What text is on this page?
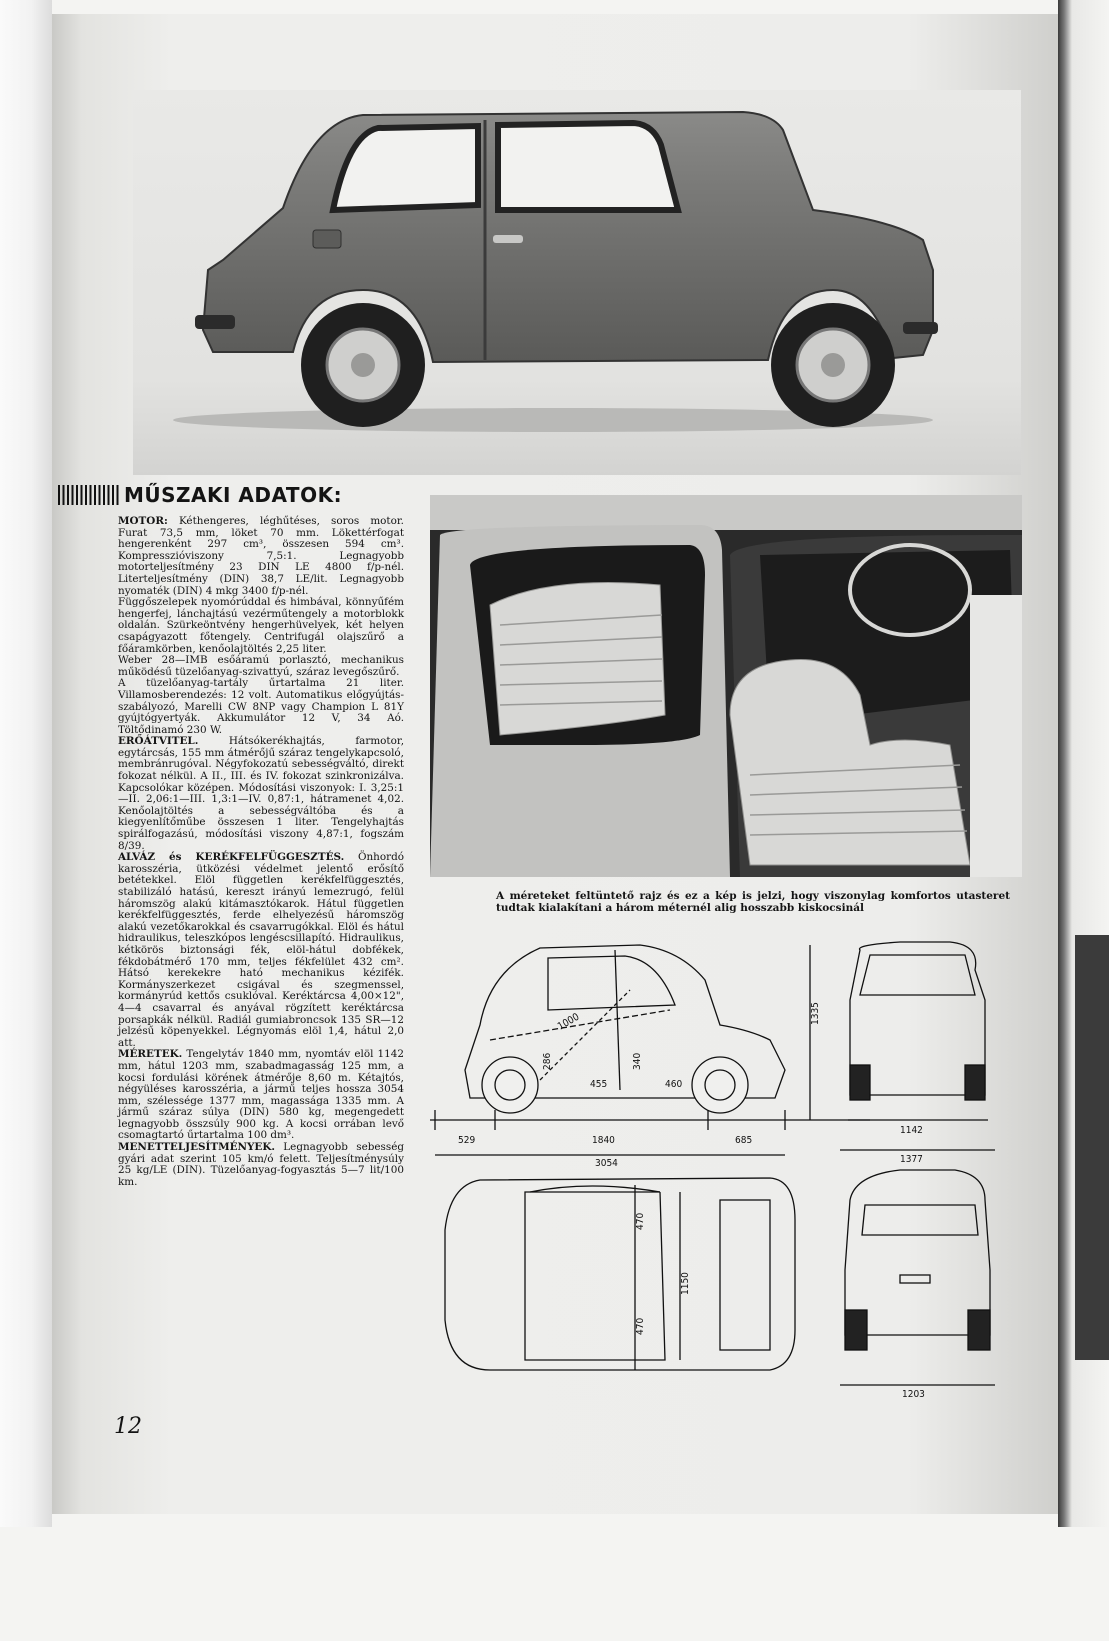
MŰSZAKI ADATOK:

MOTOR: Kéthengeres, léghűtéses, soros motor. Furat 73,5 mm, löket 70 mm. Lökettérfogat hengerenként 297 cm³, összesen 594 cm³. Kompresszióviszony 7,5:1. Legnagyobb motorteljesítmény 23 DIN LE 4800 f/p-nél. Literteljesítmény (DIN) 38,7 LE/lit. Legnagyobb nyomaték (DIN) 4 mkg 3400 f/p-nél.

Függőszelepek nyomórúddal és himbával, könnyűfém hengerfej, lánchajtású vezérműtengely a motorblokk oldalán. Szürkeöntvény hengerhüvelyek, két helyen csapágyazott főtengely. Centrifugál olajszűrő a főáramkörben, kenőolajtöltés 2,25 liter.

Weber 28—IMB esőáramú porlasztó, mechanikus működésű tüzelőanyag-szivattyú, száraz levegőszűrő.

A tüzelőanyag-tartály űrtartalma 21 liter. Villamosberendezés: 12 volt. Automatikus előgyújtás-szabályozó, Marelli CW 8NP vagy Champion L 81Y gyújtógyertyák. Akkumulátor 12 V, 34 Aó. Töltődinamó 230 W.

ERŐÁTVITEL. Hátsókerékhajtás, farmotor, egytárcsás, 155 mm átmérőjű száraz tengelykapcsoló, membránrugóval. Négyfokozatú sebességváltó, direkt fokozat nélkül. A II., III. és IV. fokozat szinkronizálva. Kapcsolókar középen. Módosítási viszonyok: I. 3,25:1—II. 2,06:1—III. 1,3:1—IV. 0,87:1, hátramenet 4,02. Kenőolajtöltés a sebességváltóba és a kiegyenlítőműbe összesen 1 liter. Tengelyhajtás spirálfogazású, módosítási viszony 4,87:1, fogszám 8/39.

ALVÁZ és KERÉKFELFÜGGESZTÉS. Önhordó karosszéria, ütközési védelmet jelentő erősítő betétekkel. Elöl független kerékfelfüggesztés, stabilizáló hatású, kereszt irányú lemezrugó, felül háromszög alakú kitámasztókarok. Hátul független kerékfelfüggesztés, ferde elhelyezésű háromszög alakú vezetőkarokkal és csavarrugókkal. Elöl és hátul hidraulikus, teleszkópos lengéscsillapító. Hidraulikus, kétkörös biztonsági fék, elöl-hátul dobfékek, fékdobátmérő 170 mm, teljes fékfelület 432 cm². Hátsó kerekekre ható mechanikus kézifék. Kormányszerkezet csigával és szegmenssel, kormányrúd kettős csuklóval. Keréktárcsa 4,00×12", 4—4 csavarral és anyával rögzített keréktárcsa porsapkák nélkül. Radiál gumiabroncsok 135 SR—12 jelzésű köpenyekkel. Légnyomás elöl 1,4, hátul 2,0 att.

MÉRETEK. Tengelytáv 1840 mm, nyomtáv elöl 1142 mm, hátul 1203 mm, szabadmagasság 125 mm, a kocsi fordulási körének átmérője 8,60 m. Kétajtós, négyüléses karosszéria, a jármű teljes hossza 3054 mm, szélessége 1377 mm, magassága 1335 mm. A jármű száraz súlya (DIN) 580 kg, megengedett legnagyobb összsúly 900 kg. A kocsi orrában levő csomagtartó űrtartalma 100 dm³.

MENETTELJESÍTMÉNYEK. Legnagyobb sebesség gyári adat szerint 105 km/ó felett. Teljesítménysúly 25 kg/LE (DIN). Tüzelőanyag-fogyasztás 5—7 lit/100 km.

A méreteket feltüntető rajz és ez a kép is jelzi, hogy viszonylag komfortos utasteret tudtak kialakítani a három méternél alig hosszabb kiskocsinál
1335
529	1840	685
3054
1142
1377
470
1150
470
1203
455	460
1000
286	340
12
